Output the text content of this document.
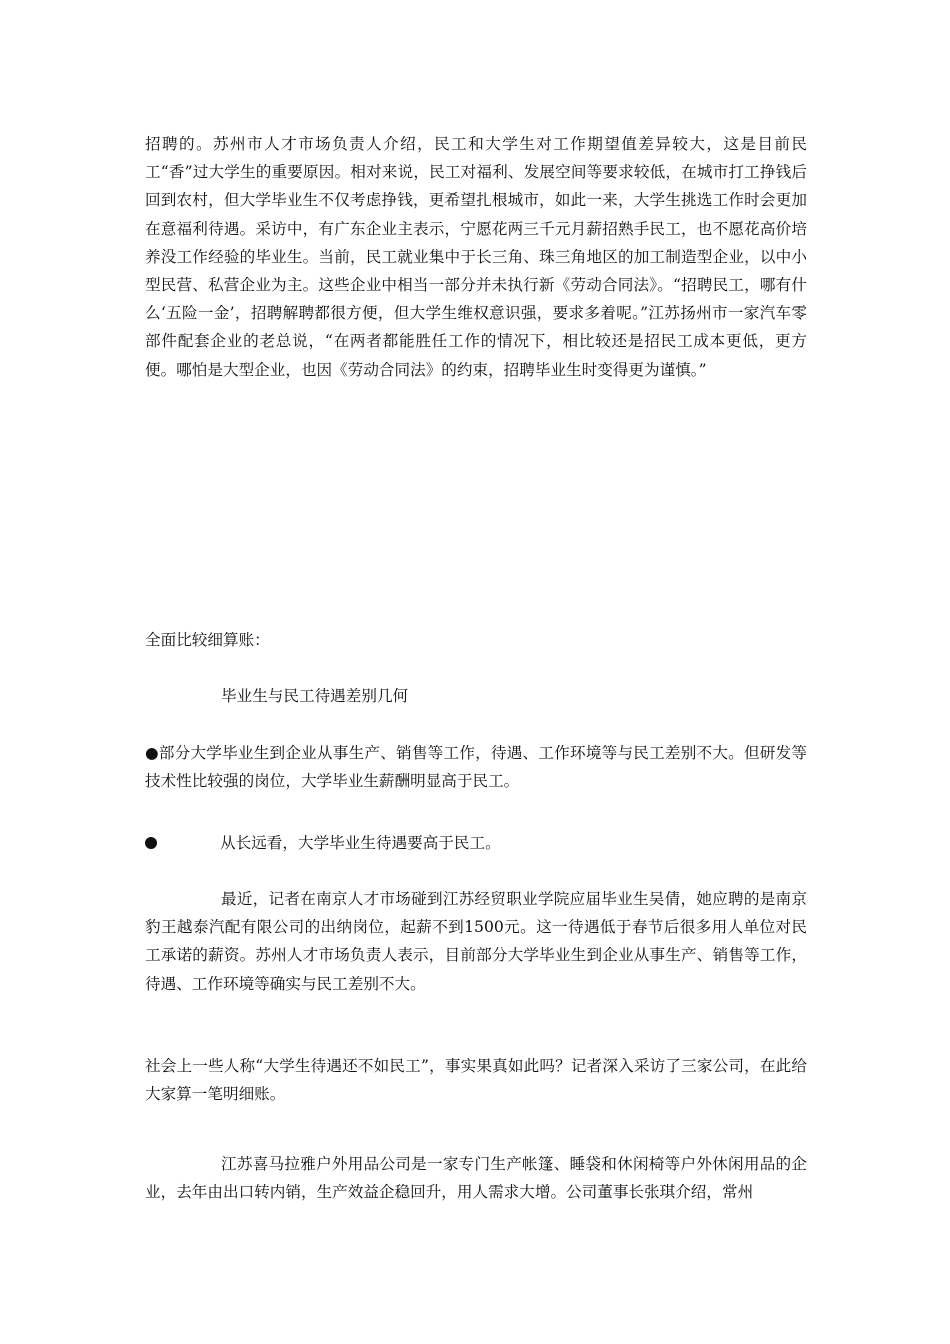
招聘的。苏州市人才市场负责人介绍，民工和大学生对工作期望值差异较大，这是目前民工“香”过大学生的重要原因。相对来说，民工对福利、发展空间等要求较低，在城市打工挣钱后回到农村，但大学毕业生不仅考虑挣钱，更希望扎根城市，如此一来，大学生挑选工作时会更加在意福利待遇。采访中，有广东企业主表示，宁愿花两三千元月薪招熟手民工，也不愿花高价培养没工作经验的毕业生。当前，民工就业集中于长三角、珠三角地区的加工制造型企业，以中小型民营、私营企业为主。这些企业中相当一部分并未执行新《劳动合同法》。“招聘民工，哪有什么‘五险一金’，招聘解聘都很方便，但大学生维权意识强，要求多着呢。”江苏扬州市一家汽车零部件配套企业的老总说，“在两者都能胜任工作的情况下，相比较还是招民工成本更低，更方便。哪怕是大型企业，也因《劳动合同法》的约束，招聘毕业生时变得更为谨慎。”

全面比较细算账：

毕业生与民工待遇差别几何

●部分大学毕业生到企业从事生产、销售等工作，待遇、工作环境等与民工差别不大。但研发等技术性比较强的岗位，大学毕业生薪酬明显高于民工。

从长远看，大学毕业生待遇要高于民工。

最近，记者在南京人才市场碰到江苏经贸职业学院应届毕业生吴倩，她应聘的是南京豹王越泰汽配有限公司的出纳岗位，起薪不到1500元。这一待遇低于春节后很多用人单位对民工承诺的薪资。苏州人才市场负责人表示，目前部分大学毕业生到企业从事生产、销售等工作，待遇、工作环境等确实与民工差别不大。

社会上一些人称“大学生待遇还不如民工”，事实果真如此吗？记者深入采访了三家公司，在此给大家算一笔明细账。

江苏喜马拉雅户外用品公司是一家专门生产帐篷、睡袋和休闲椅等户外休闲用品的企业，去年由出口转内销，生产效益企稳回升，用人需求大增。公司董事长张琪介绍，常州
